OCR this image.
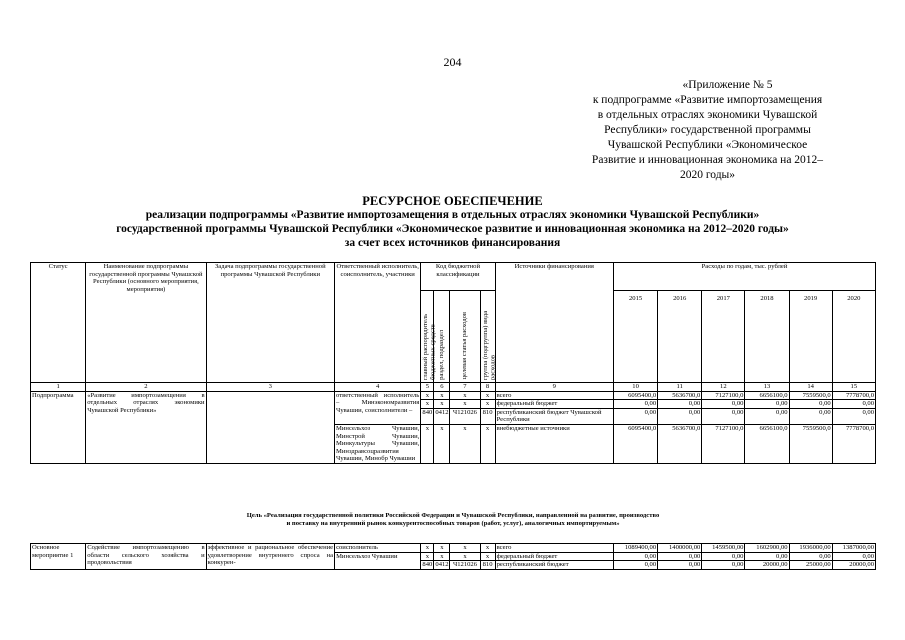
204
«Приложение № 5
к подпрограмме «Развитие импортозамещения
в отдельных отраслях экономики Чувашской
Республики» государственной программы
Чувашской Республики «Экономическое
Развитие и инновационная экономика на 2012–
2020 годы»
РЕСУРСНОЕ ОБЕСПЕЧЕНИЕ
реализации подпрограммы «Развитие импортозамещения в отдельных отраслях экономики Чувашской Республики»
государственной программы Чувашской Республики «Экономическое развитие и инновационная экономика на 2012–2020 годы»
за счет всех источников финансирования
Статус	Наименование подпрограммы государственной программы Чувашской Республики (основного мероприятия, мероприятия)	Задача подпрограммы государственной программы Чувашской Республики	Ответственный исполнитель, соисполнитель, участники	Код бюджетной классификации				Источники финансирования	Расходы по годам, тыс. рублей					

				главный распорядитель бюджетных средств	раздел, подраздел	целевая статья расходов	группа (подгруппа) вида расходов		2015	2016	2017	2018	2019	2020
1	2	3	4	5	6	7	8	9	10	11	12	13	14	15
Подпрограмма	«Развитие импортозамещения в отдельных отраслях экономики Чувашской Республики»		ответственный исполнитель – Минэкономразвития Чувашии, соисполнители –	x	x	x	x	всего	6095400,0	5636700,0	7127100,0	6656100,0	7559500,0	7778700,0
				x	x	x	x	федеральный бюджет	0,00	0,00	0,00	0,00	0,00	0,00
				840	0412	Ч121026	810	республиканский бюджет Чувашской Республики	0,00	0,00	0,00	0,00	0,00	0,00
			Минсельхоз Чувашии, Минстрой Чувашии, Минкультуры Чувашии, Минздравсоцразвития Чувашии, Минобр Чувашии	x	x	x	x	внебюджетные источники	6095400,0	5636700,0	7127100,0	6656100,0	7559500,0	7778700,0
Цель «Реализация государственной политики Российской Федерации и Чувашской Республики, направленной на развитие, производство
и поставку на внутренний рынок конкурентоспособных товаров (работ, услуг), аналогичных импортируемым»
Основное мероприятие 1	Содействие импортозамещению в области сельского хозяйства и продовольствия	эффективное и рациональное обеспечение удовлетворение внутреннего спроса на конкурен-	соисполнитель	x	x	x	x	всего	1089400,00	1400000,00	1459500,00	1602900,00	1936000,00	1387000,00
			Минсельхоз Чувашии	x	x	x	x	федеральный бюджет	0,00	0,00	0,00	0,00	0,00	0,00
				840	0412	Ч121026	810	республиканский бюджет	0,00	0,00	0,00	20000,00	25000,00	20000,00
